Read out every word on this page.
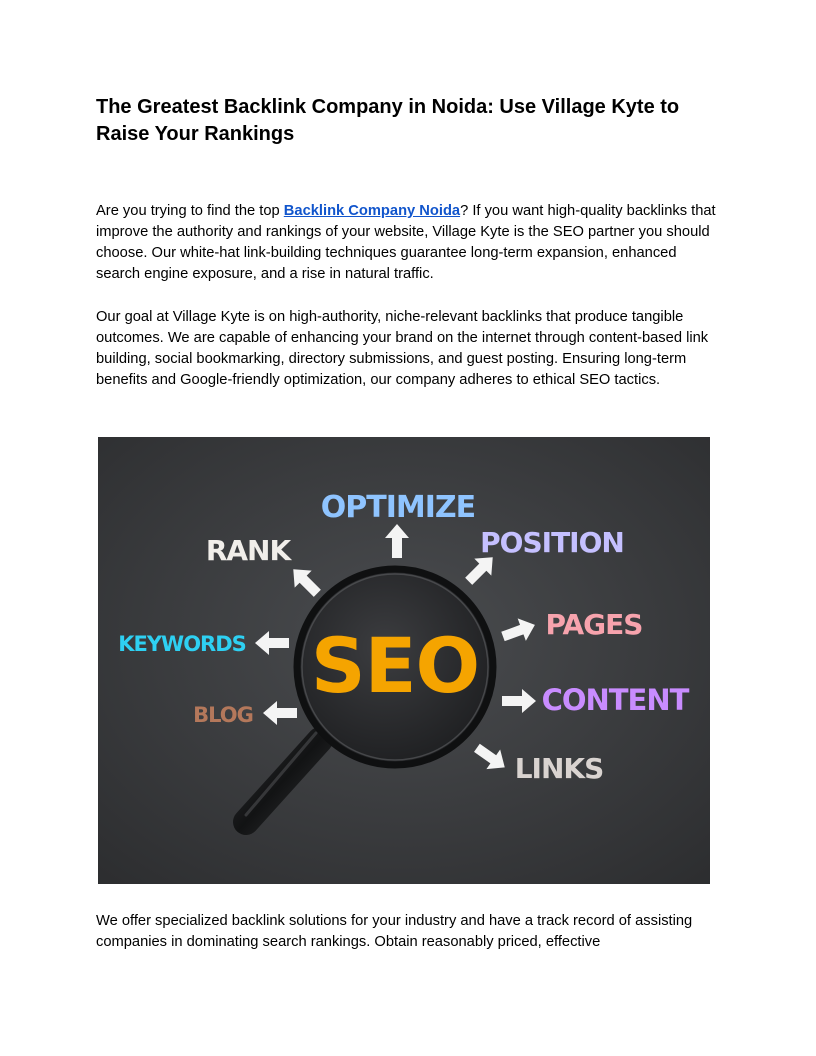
The Greatest Backlink Company in Noida: Use Village Kyte to Raise Your Rankings

Are you trying to find the top Backlink Company Noida? If you want high-quality backlinks that improve the authority and rankings of your website, Village Kyte is the SEO partner you should choose. Our white-hat link-building techniques guarantee long-term expansion, enhanced search engine exposure, and a rise in natural traffic.

Our goal at Village Kyte is on high-authority, niche-relevant backlinks that produce tangible outcomes. We are capable of enhancing your brand on the internet through content-based link building, social bookmarking, directory submissions, and guest posting. Ensuring long-term benefits and Google-friendly optimization, our company adheres to ethical SEO tactics.

SEO
OPTIMIZE
RANK	POSITION
KEYWORDS
PAGES
CONTENT
BLOG
LINKS

We offer specialized backlink solutions for your industry and have a track record of assisting companies in dominating search rankings. Obtain reasonably priced, effective
